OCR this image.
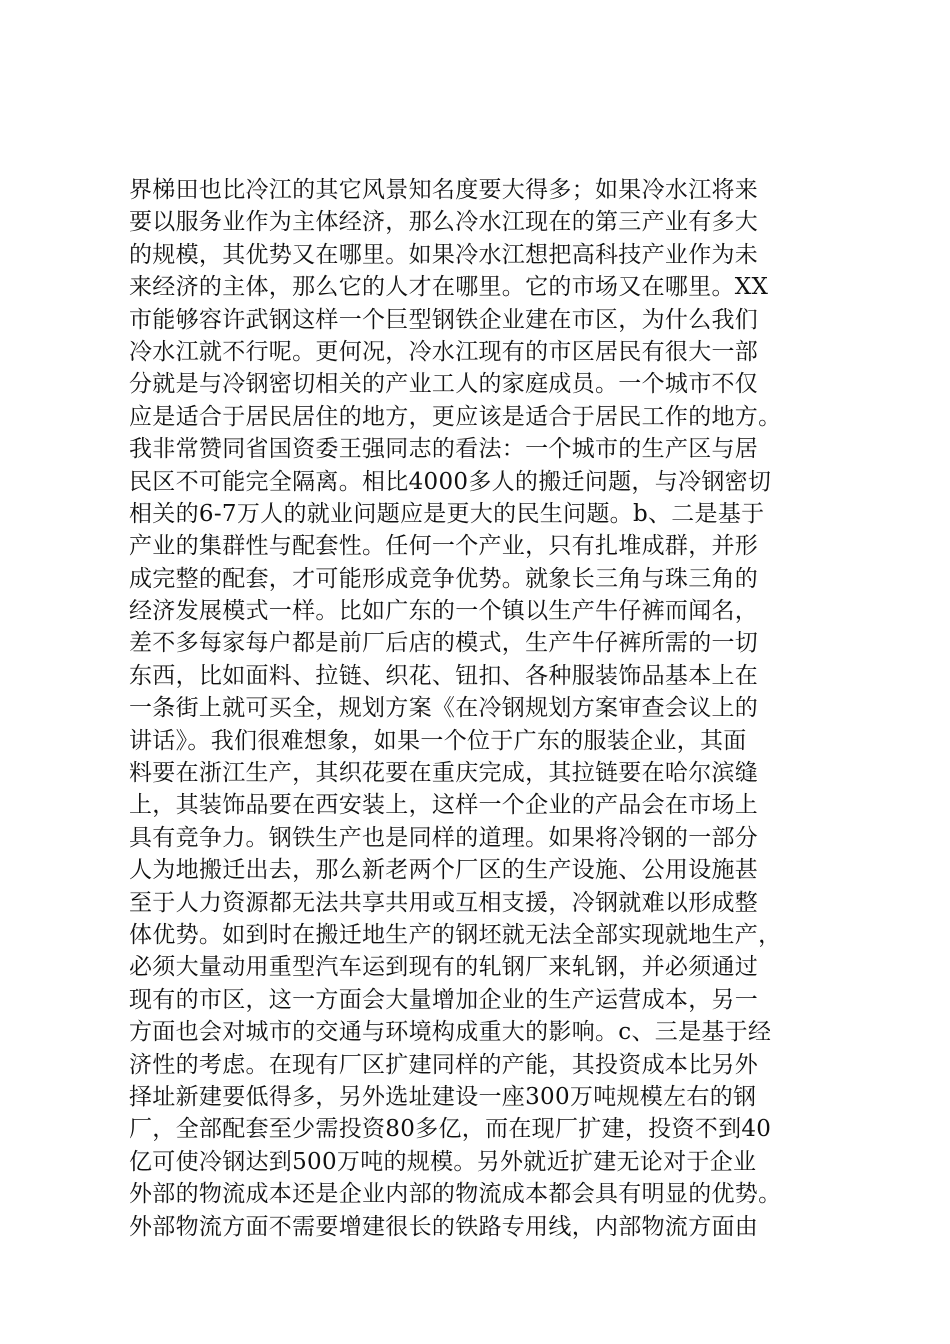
界梯田也比冷江的其它风景知名度要大得多；如果冷水江将来
要以服务业作为主体经济，那么冷水江现在的第三产业有多大
的规模，其优势又在哪里。如果冷水江想把高科技产业作为未
来经济的主体，那么它的人才在哪里。它的市场又在哪里。XX
市能够容许武钢这样一个巨型钢铁企业建在市区，为什么我们
冷水江就不行呢。更何况，冷水江现有的市区居民有很大一部
分就是与冷钢密切相关的产业工人的家庭成员。一个城市不仅
应是适合于居民居住的地方，更应该是适合于居民工作的地方。
我非常赞同省国资委王强同志的看法：一个城市的生产区与居
民区不可能完全隔离。相比4000多人的搬迁问题，与冷钢密切
相关的6-7万人的就业问题应是更大的民生问题。b、二是基于
产业的集群性与配套性。任何一个产业，只有扎堆成群，并形
成完整的配套，才可能形成竞争优势。就象长三角与珠三角的
经济发展模式一样。比如广东的一个镇以生产牛仔裤而闻名，
差不多每家每户都是前厂后店的模式，生产牛仔裤所需的一切
东西，比如面料、拉链、织花、钮扣、各种服装饰品基本上在
一条街上就可买全，规划方案《在冷钢规划方案审查会议上的
讲话》。我们很难想象，如果一个位于广东的服装企业，其面
料要在浙江生产，其织花要在重庆完成，其拉链要在哈尔滨缝
上，其装饰品要在西安装上，这样一个企业的产品会在市场上
具有竞争力。钢铁生产也是同样的道理。如果将冷钢的一部分
人为地搬迁出去，那么新老两个厂区的生产设施、公用设施甚
至于人力资源都无法共享共用或互相支援，冷钢就难以形成整
体优势。如到时在搬迁地生产的钢坯就无法全部实现就地生产，
必须大量动用重型汽车运到现有的轧钢厂来轧钢，并必须通过
现有的市区，这一方面会大量增加企业的生产运营成本，另一
方面也会对城市的交通与环境构成重大的影响。c、三是基于经
济性的考虑。在现有厂区扩建同样的产能，其投资成本比另外
择址新建要低得多，另外选址建设一座300万吨规模左右的钢
厂，全部配套至少需投资80多亿，而在现厂扩建，投资不到40
亿可使冷钢达到500万吨的规模。另外就近扩建无论对于企业
外部的物流成本还是企业内部的物流成本都会具有明显的优势。
外部物流方面不需要增建很长的铁路专用线，内部物流方面由
